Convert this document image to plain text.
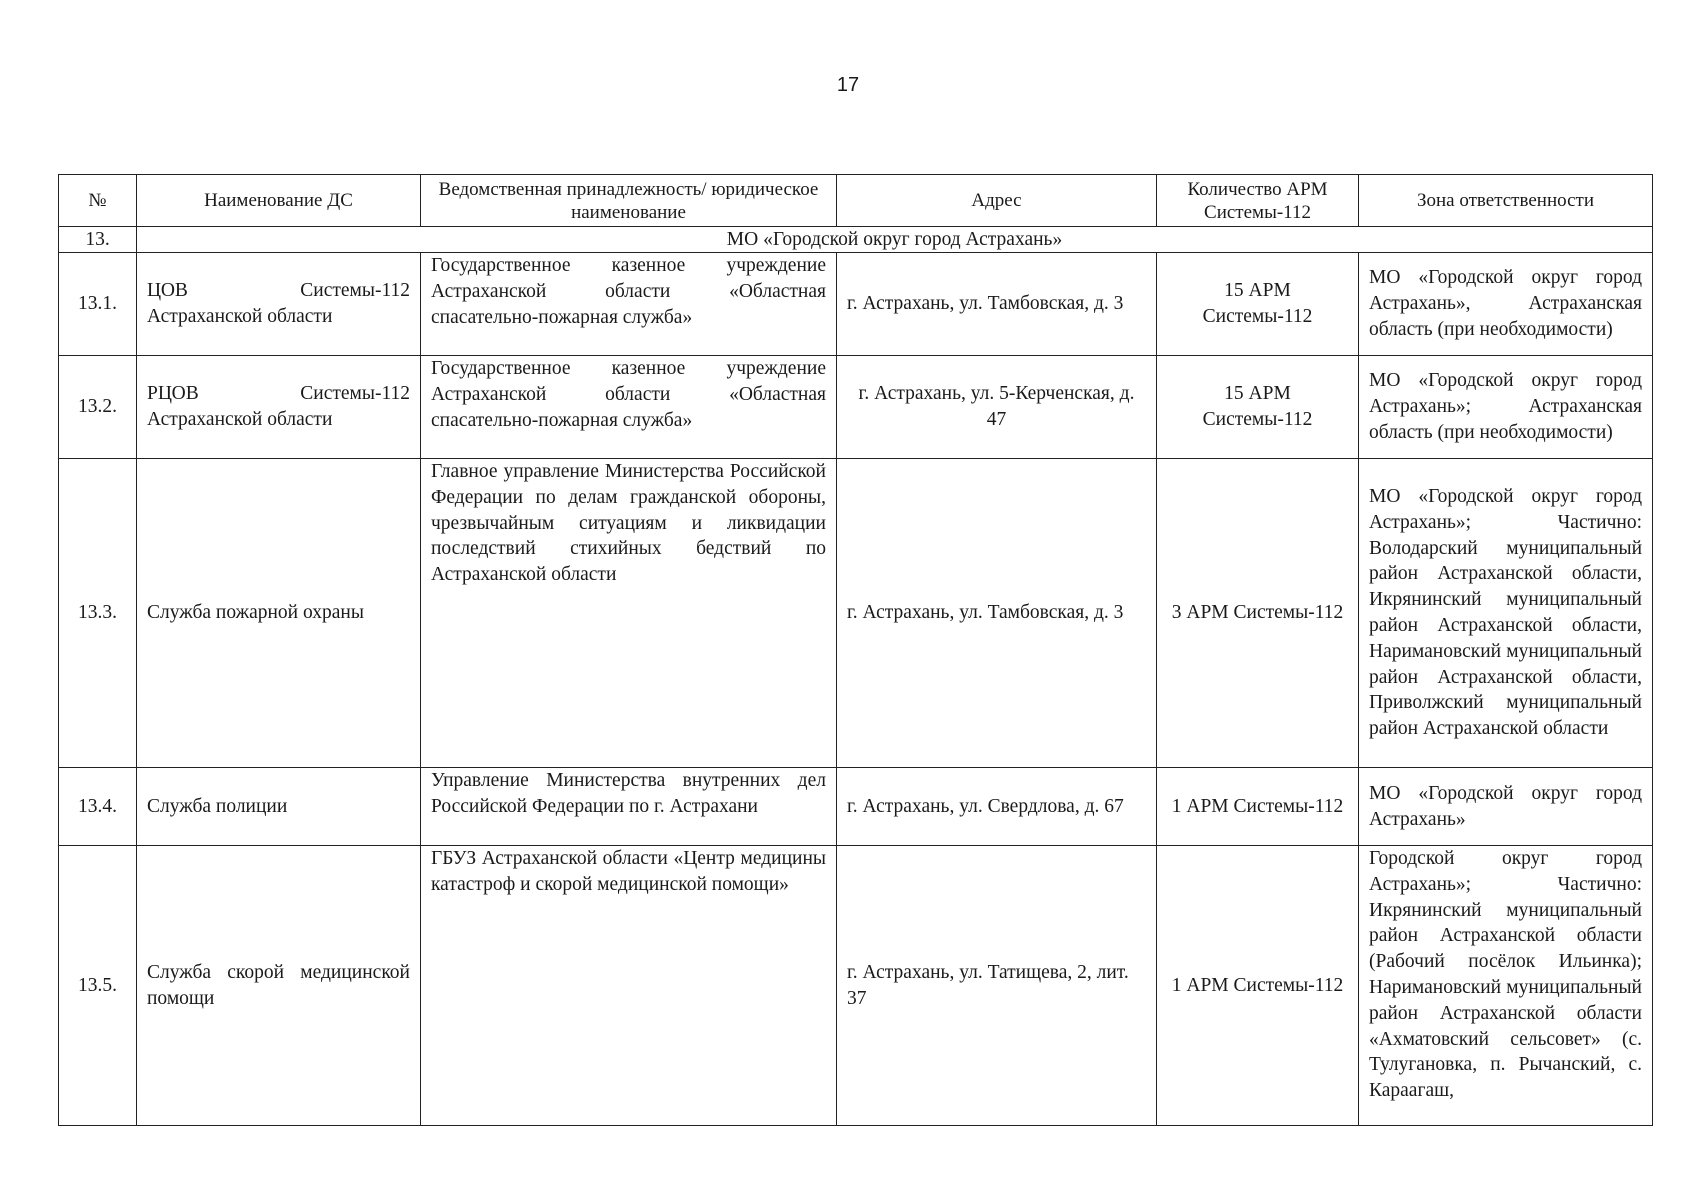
17
№	Наименование ДС	Ведомственная принадлежность/ юридическое наименование	Адрес	Количество АРМ Системы-112	Зона ответственности
13.	МО «Городской округ город Астрахань»				
13.1.	ЦОВ Системы-112 Астраханской области	Государственное казенное учреждение Астраханской области «Областная спасательно-пожарная служба»	г. Астрахань, ул. Тамбовская, д. 3	15 АРМ Системы-112	МО «Городской округ город Астрахань», Астраханская область (при необходимости)
13.2.	РЦОВ Системы-112 Астраханской области	Государственное казенное учреждение Астраханской области «Областная спасательно-пожарная служба»	г. Астрахань, ул. 5-Керченская, д. 47	15 АРМ Системы-112	МО «Городской округ город Астрахань»; Астраханская область (при необходимости)
13.3.	Служба пожарной охраны	Главное управление Министерства Российской Федерации по делам гражданской обороны, чрезвычайным ситуациям и ликвидации последствий стихийных бедствий по Астраханской области	г. Астрахань, ул. Тамбовская, д. 3	3 АРМ Системы-112	МО «Городской округ город Астрахань»; Частично: Володарский муниципальный район Астраханской области, Икрянинский муниципальный район Астраханской области, Наримановский муниципальный район Астраханской области, Приволжский муниципальный район Астраханской области
13.4.	Служба полиции	Управление Министерства внутренних дел Российской Федерации по г. Астрахани	г. Астрахань, ул. Свердлова, д. 67	1 АРМ Системы-112	МО «Городской округ город Астрахань»
13.5.	Служба скорой медицинской помощи	ГБУЗ Астраханской области «Центр медицины катастроф и скорой медицинской помощи»	г. Астрахань, ул. Татищева, 2, лит. 37	1 АРМ Системы-112	Городской округ город Астрахань»; Частично: Икрянинский муниципальный район Астраханской области (Рабочий посёлок Ильинка); Наримановский муниципальный район Астраханской области «Ахматовский сельсовет» (с. Тулугановка, п. Рычанский, с. Караагаш,
